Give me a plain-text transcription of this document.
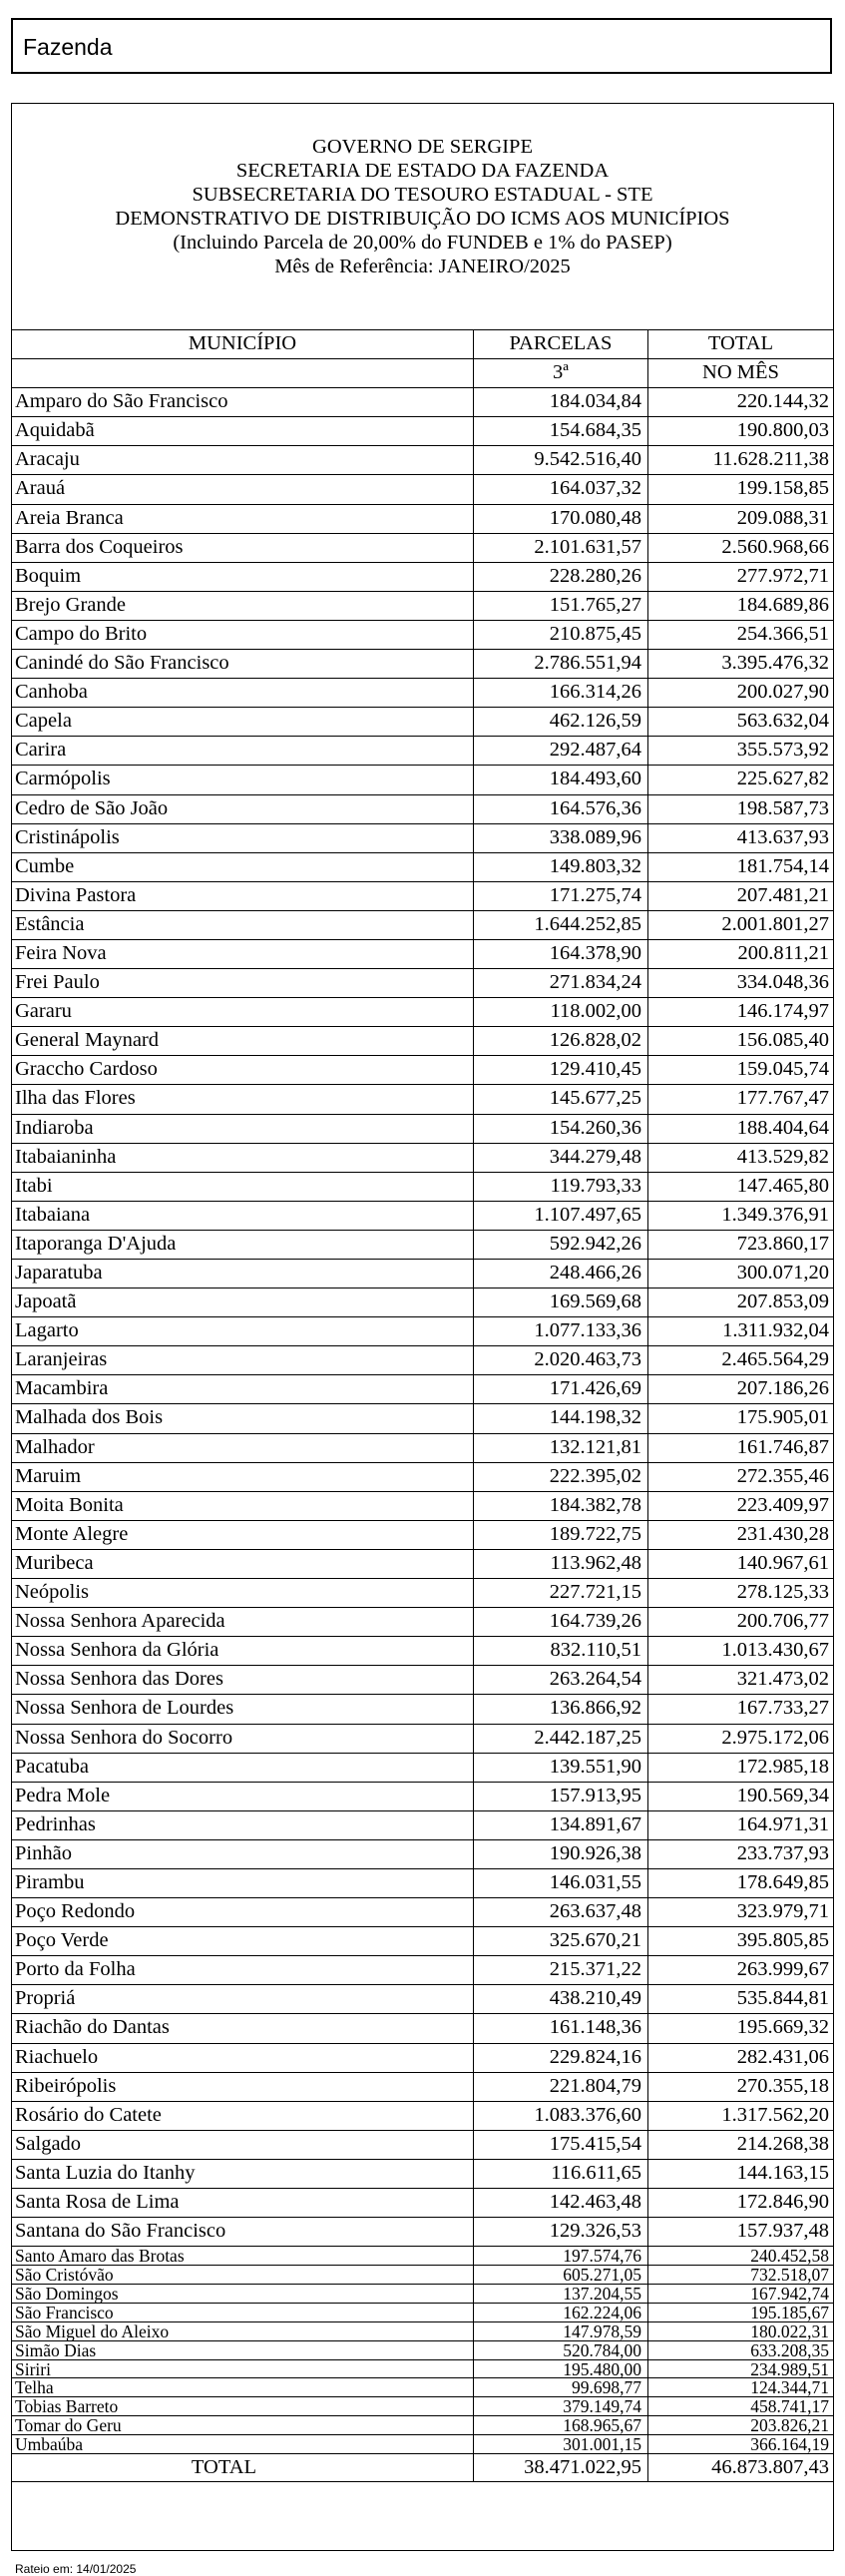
Fazenda
GOVERNO DE SERGIPE
SECRETARIA DE ESTADO DA FAZENDA
SUBSECRETARIA DO TESOURO ESTADUAL - STE
DEMONSTRATIVO DE DISTRIBUIÇÃO DO ICMS AOS MUNICÍPIOS
(Incluindo Parcela de 20,00% do FUNDEB e 1% do PASEP)
Mês de Referência: JANEIRO/2025
MUNICÍPIO	PARCELAS	TOTAL
3ª	NO MÊS
Amparo do São Francisco	184.034,84	220.144,32
Aquidabã	154.684,35	190.800,03
Aracaju	9.542.516,40	11.628.211,38
Arauá	164.037,32	199.158,85
Areia Branca	170.080,48	209.088,31
Barra dos Coqueiros	2.101.631,57	2.560.968,66
Boquim	228.280,26	277.972,71
Brejo Grande	151.765,27	184.689,86
Campo do Brito	210.875,45	254.366,51
Canindé do São Francisco	2.786.551,94	3.395.476,32
Canhoba	166.314,26	200.027,90
Capela	462.126,59	563.632,04
Carira	292.487,64	355.573,92
Carmópolis	184.493,60	225.627,82
Cedro de São João	164.576,36	198.587,73
Cristinápolis	338.089,96	413.637,93
Cumbe	149.803,32	181.754,14
Divina Pastora	171.275,74	207.481,21
Estância	1.644.252,85	2.001.801,27
Feira Nova	164.378,90	200.811,21
Frei Paulo	271.834,24	334.048,36
Gararu	118.002,00	146.174,97
General Maynard	126.828,02	156.085,40
Graccho Cardoso	129.410,45	159.045,74
Ilha das Flores	145.677,25	177.767,47
Indiaroba	154.260,36	188.404,64
Itabaianinha	344.279,48	413.529,82
Itabi	119.793,33	147.465,80
Itabaiana	1.107.497,65	1.349.376,91
Itaporanga D'Ajuda	592.942,26	723.860,17
Japaratuba	248.466,26	300.071,20
Japoatã	169.569,68	207.853,09
Lagarto	1.077.133,36	1.311.932,04
Laranjeiras	2.020.463,73	2.465.564,29
Macambira	171.426,69	207.186,26
Malhada dos Bois	144.198,32	175.905,01
Malhador	132.121,81	161.746,87
Maruim	222.395,02	272.355,46
Moita Bonita	184.382,78	223.409,97
Monte Alegre	189.722,75	231.430,28
Muribeca	113.962,48	140.967,61
Neópolis	227.721,15	278.125,33
Nossa Senhora Aparecida	164.739,26	200.706,77
Nossa Senhora da Glória	832.110,51	1.013.430,67
Nossa Senhora das Dores	263.264,54	321.473,02
Nossa Senhora de Lourdes	136.866,92	167.733,27
Nossa Senhora do Socorro	2.442.187,25	2.975.172,06
Pacatuba	139.551,90	172.985,18
Pedra Mole	157.913,95	190.569,34
Pedrinhas	134.891,67	164.971,31
Pinhão	190.926,38	233.737,93
Pirambu	146.031,55	178.649,85
Poço Redondo	263.637,48	323.979,71
Poço Verde	325.670,21	395.805,85
Porto da Folha	215.371,22	263.999,67
Propriá	438.210,49	535.844,81
Riachão do Dantas	161.148,36	195.669,32
Riachuelo	229.824,16	282.431,06
Ribeirópolis	221.804,79	270.355,18
Rosário do Catete	1.083.376,60	1.317.562,20
Salgado	175.415,54	214.268,38
Santa Luzia do Itanhy	116.611,65	144.163,15
Santa Rosa de Lima	142.463,48	172.846,90
Santana do São Francisco	129.326,53	157.937,48
Santo Amaro das Brotas	197.574,76	240.452,58
São Cristóvão	605.271,05	732.518,07
São Domingos	137.204,55	167.942,74
São Francisco	162.224,06	195.185,67
São Miguel do Aleixo	147.978,59	180.022,31
Simão Dias	520.784,00	633.208,35
Siriri	195.480,00	234.989,51
Telha	99.698,77	124.344,71
Tobias Barreto	379.149,74	458.741,17
Tomar do Geru	168.965,67	203.826,21
Umbaúba	301.001,15	366.164,19
TOTAL	38.471.022,95	46.873.807,43
Rateio em: 14/01/2025
